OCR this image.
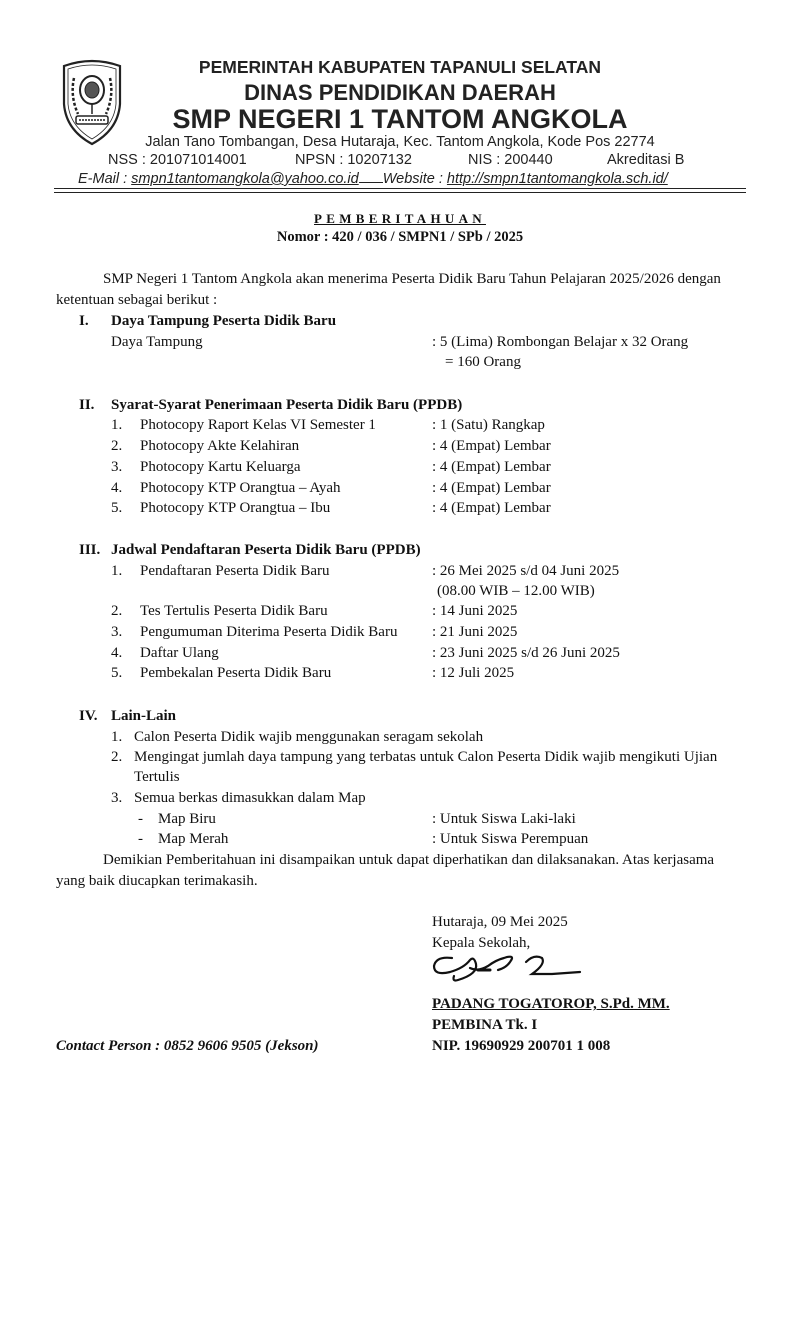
PEMERINTAH KABUPATEN TAPANULI SELATAN
DINAS PENDIDIKAN DAERAH
SMP NEGERI 1 TANTOM ANGKOLA
Jalan Tano Tombangan, Desa Hutaraja, Kec. Tantom Angkola, Kode Pos 22774
NSS : 201071014001	NPSN : 10207132	NIS : 200440	Akreditasi B
E-Mail : smpn1tantomangkola@yahoo.co.id Website : http://smpn1tantomangkola.sch.id/
PEMBERITAHUAN
Nomor : 420 / 036 / SMPN1 / SPb / 2025
SMP Negeri 1 Tantom Angkola akan menerima Peserta Didik Baru Tahun Pelajaran 2025/2026 dengan
ketentuan sebagai berikut :
I. Daya Tampung Peserta Didik Baru
Daya Tampung	: 5 (Lima) Rombongan Belajar x 32 Orang
= 160 Orang
II. Syarat-Syarat Penerimaan Peserta Didik Baru (PPDB)
1. Photocopy Raport Kelas VI Semester 1	: 1 (Satu) Rangkap
2. Photocopy Akte Kelahiran	: 4 (Empat) Lembar
3. Photocopy Kartu Keluarga	: 4 (Empat) Lembar
4. Photocopy KTP Orangtua – Ayah	: 4 (Empat) Lembar
5. Photocopy KTP Orangtua – Ibu	: 4 (Empat) Lembar
III. Jadwal Pendaftaran Peserta Didik Baru (PPDB)
1. Pendaftaran Peserta Didik Baru	: 26 Mei 2025 s/d 04 Juni 2025
(08.00 WIB – 12.00 WIB)
2. Tes Tertulis Peserta Didik Baru	: 14 Juni 2025
3. Pengumuman Diterima Peserta Didik Baru : 21 Juni 2025
4. Daftar Ulang	: 23 Juni 2025 s/d 26 Juni 2025
5. Pembekalan Peserta Didik Baru	: 12 Juli 2025
IV. Lain-Lain
1. Calon Peserta Didik wajib menggunakan seragam sekolah
2. Mengingat jumlah daya tampung yang terbatas untuk Calon Peserta Didik wajib mengikuti Ujian
Tertulis
3. Semua berkas dimasukkan dalam Map
- Map Biru	: Untuk Siswa Laki-laki
- Map Merah	: Untuk Siswa Perempuan
Demikian Pemberitahuan ini disampaikan untuk dapat diperhatikan dan dilaksanakan. Atas kerjasama
yang baik diucapkan terimakasih.
Hutaraja, 09 Mei 2025
Kepala Sekolah,
PADANG TOGATOROP, S.Pd. MM.
PEMBINA Tk. I
NIP. 19690929 200701 1 008
Contact Person : 0852 9606 9505 (Jekson)
